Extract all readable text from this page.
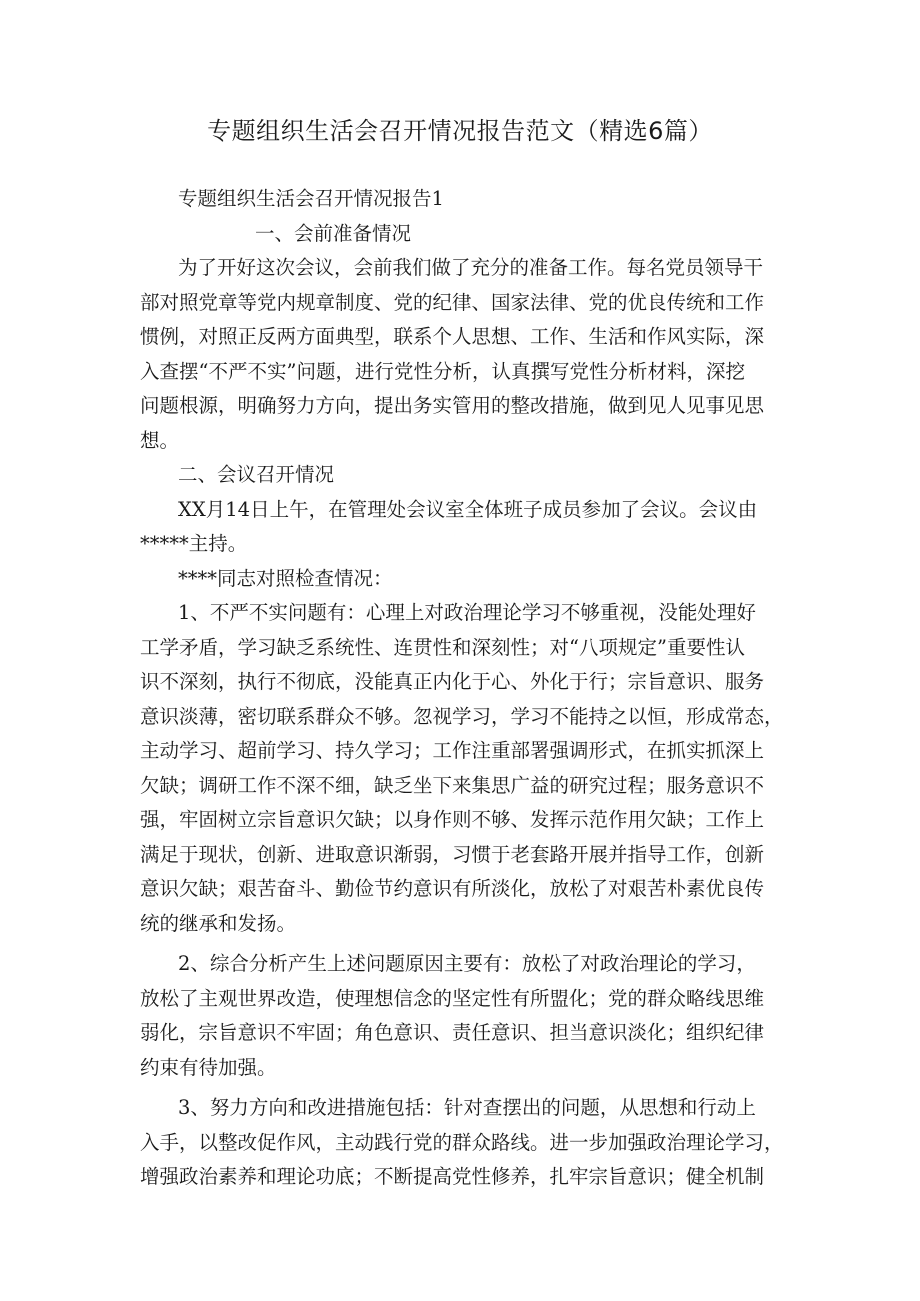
专题组织生活会召开情况报告范文（精选6篇）
专题组织生活会召开情况报告1
一、会前准备情况
为了开好这次会议，会前我们做了充分的准备工作。每名党员领导干
部对照党章等党内规章制度、党的纪律、国家法律、党的优良传统和工作
惯例，对照正反两方面典型，联系个人思想、工作、生活和作风实际，深
入查摆“不严不实”问题，进行党性分析，认真撰写党性分析材料，深挖
问题根源，明确努力方向，提出务实管用的整改措施，做到见人见事见思
想。
二、会议召开情况
XX月14日上午，在管理处会议室全体班子成员参加了会议。会议由
*****主持。
****同志对照检查情况：
1、不严不实问题有：心理上对政治理论学习不够重视，没能处理好
工学矛盾，学习缺乏系统性、连贯性和深刻性；对“八项规定”重要性认
识不深刻，执行不彻底，没能真正内化于心、外化于行；宗旨意识、服务
意识淡薄，密切联系群众不够。忽视学习，学习不能持之以恒，形成常态，
主动学习、超前学习、持久学习；工作注重部署强调形式，在抓实抓深上
欠缺；调研工作不深不细，缺乏坐下来集思广益的研究过程；服务意识不
强，牢固树立宗旨意识欠缺；以身作则不够、发挥示范作用欠缺；工作上
满足于现状，创新、进取意识渐弱，习惯于老套路开展并指导工作，创新
意识欠缺；艰苦奋斗、勤俭节约意识有所淡化，放松了对艰苦朴素优良传
统的继承和发扬。
2、综合分析产生上述问题原因主要有：放松了对政治理论的学习，
放松了主观世界改造，使理想信念的坚定性有所盟化；党的群众略线思维
弱化，宗旨意识不牢固；角色意识、责任意识、担当意识淡化；组织纪律
约束有待加强。
3、努力方向和改进措施包括：针对查摆出的问题，从思想和行动上
入手，以整改促作风，主动践行党的群众路线。进一步加强政治理论学习，
增强政治素养和理论功底；不断提高党性修养，扎牢宗旨意识；健全机制
